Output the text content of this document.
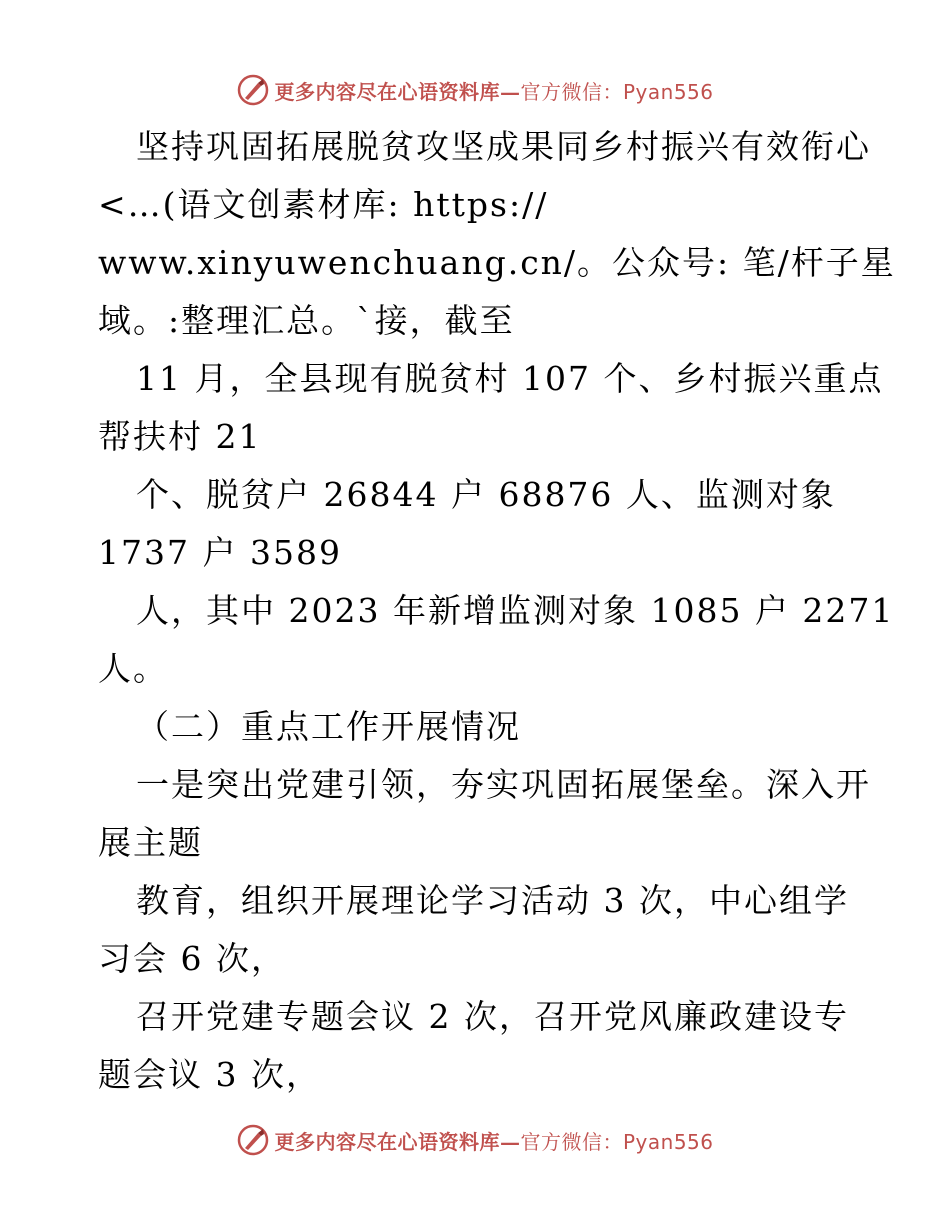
更多内容尽在心语资料库—官方微信：Pyan556
坚持巩固拓展脱贫攻坚成果同乡村振兴有效衔心
<…(语文创素材库: https://
www.xinyuwenchuang.cn/。公众号: 笔/杆子星
域。:整理汇总。`接，截至
11 月，全县现有脱贫村 107 个、乡村振兴重点
帮扶村 21
个、脱贫户 26844 户 68876 人、监测对象
1737 户 3589
人，其中 2023 年新增监测对象 1085 户 2271
人。
（二）重点工作开展情况
一是突出党建引领，夯实巩固拓展堡垒。深入开
展主题
教育，组织开展理论学习活动 3 次，中心组学
习会 6 次，
召开党建专题会议 2 次，召开党风廉政建设专
题会议 3 次，
更多内容尽在心语资料库—官方微信：Pyan556
